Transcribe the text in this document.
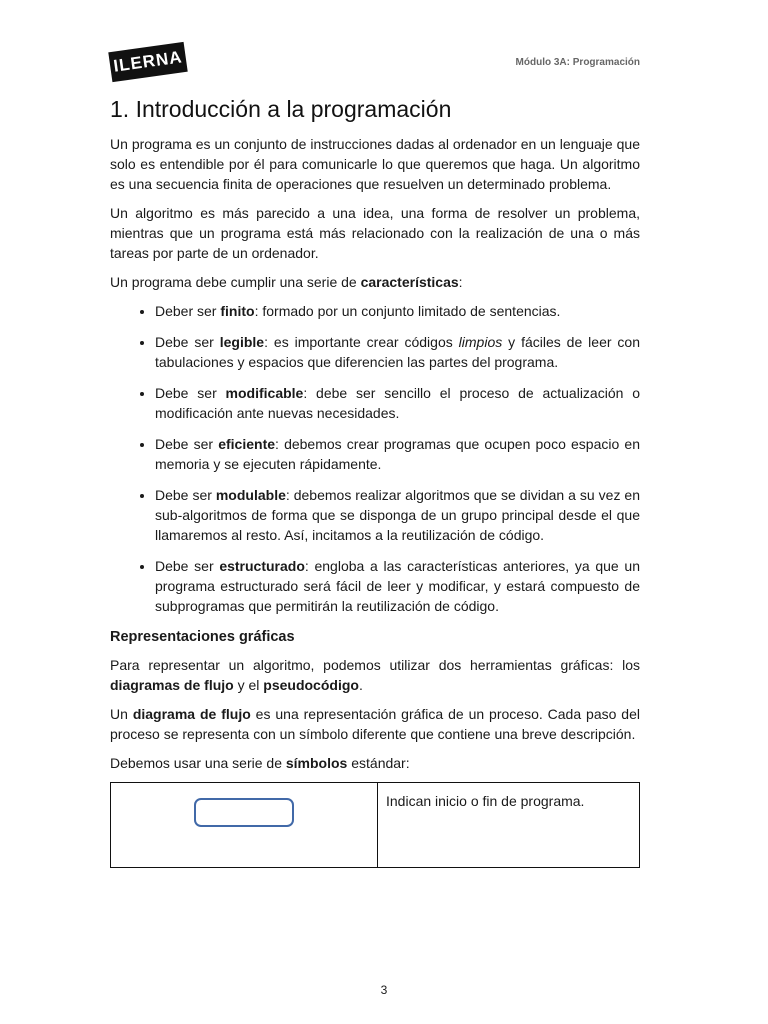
ILERNA	Módulo 3A: Programación
1. Introducción a la programación

Un programa es un conjunto de instrucciones dadas al ordenador en un lenguaje que solo es entendible por él para comunicarle lo que queremos que haga. Un algoritmo es una secuencia finita de operaciones que resuelven un determinado problema.

Un algoritmo es más parecido a una idea, una forma de resolver un problema, mientras que un programa está más relacionado con la realización de una o más tareas por parte de un ordenador.

Un programa debe cumplir una serie de características:

• Deber ser finito: formado por un conjunto limitado de sentencias.
• Debe ser legible: es importante crear códigos limpios y fáciles de leer con tabulaciones y espacios que diferencien las partes del programa.
• Debe ser modificable: debe ser sencillo el proceso de actualización o modificación ante nuevas necesidades.
• Debe ser eficiente: debemos crear programas que ocupen poco espacio en memoria y se ejecuten rápidamente.
• Debe ser modulable: debemos realizar algoritmos que se dividan a su vez en sub-algoritmos de forma que se disponga de un grupo principal desde el que llamaremos al resto. Así, incitamos a la reutilización de código.
• Debe ser estructurado: engloba a las características anteriores, ya que un programa estructurado será fácil de leer y modificar, y estará compuesto de subprogramas que permitirán la reutilización de código.
Representaciones gráficas

Para representar un algoritmo, podemos utilizar dos herramientas gráficas: los diagramas de flujo y el pseudocódigo.

Un diagrama de flujo es una representación gráfica de un proceso. Cada paso del proceso se representa con un símbolo diferente que contiene una breve descripción.

Debemos usar una serie de símbolos estándar:

	Indican inicio o fin de programa.
3
